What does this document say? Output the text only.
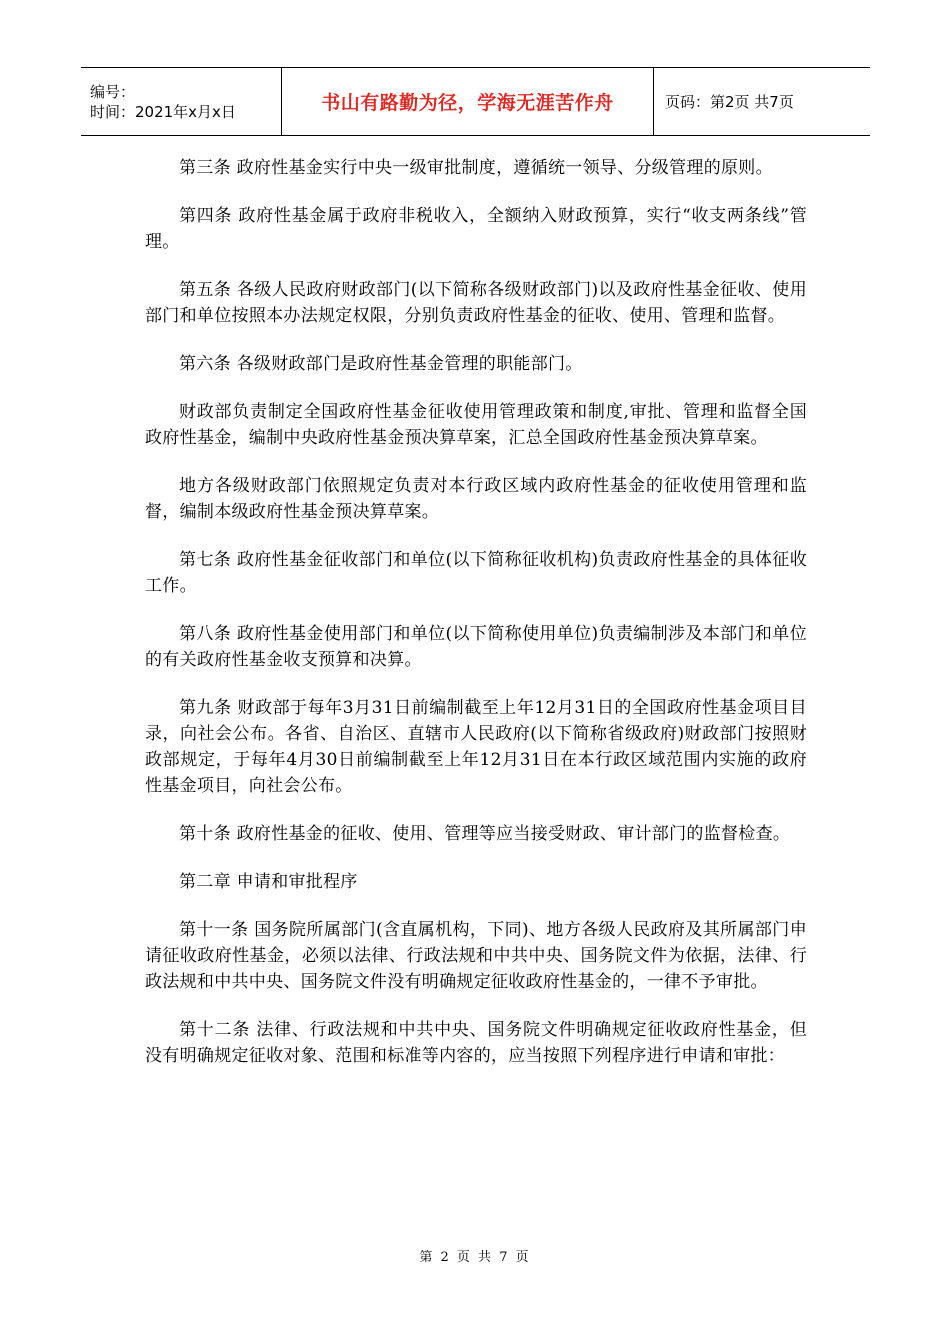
编号：
时间：2021年x月x日	书山有路勤为径，学海无涯苦作舟	页码：第2页 共7页

第三条 政府性基金实行中央一级审批制度，遵循统一领导、分级管理的原则。

第四条 政府性基金属于政府非税收入，全额纳入财政预算，实行“收支两条线”管理。

第五条 各级人民政府财政部门(以下简称各级财政部门)以及政府性基金征收、使用部门和单位按照本办法规定权限，分别负责政府性基金的征收、使用、管理和监督。

第六条 各级财政部门是政府性基金管理的职能部门。

财政部负责制定全国政府性基金征收使用管理政策和制度,审批、管理和监督全国政府性基金，编制中央政府性基金预决算草案，汇总全国政府性基金预决算草案。

地方各级财政部门依照规定负责对本行政区域内政府性基金的征收使用管理和监督，编制本级政府性基金预决算草案。

第七条 政府性基金征收部门和单位(以下简称征收机构)负责政府性基金的具体征收工作。

第八条 政府性基金使用部门和单位(以下简称使用单位)负责编制涉及本部门和单位的有关政府性基金收支预算和决算。

第九条 财政部于每年3月31日前编制截至上年12月31日的全国政府性基金项目目录，向社会公布。各省、自治区、直辖市人民政府(以下简称省级政府)财政部门按照财政部规定，于每年4月30日前编制截至上年12月31日在本行政区域范围内实施的政府性基金项目，向社会公布。

第十条 政府性基金的征收、使用、管理等应当接受财政、审计部门的监督检查。

第二章 申请和审批程序

第十一条 国务院所属部门(含直属机构，下同)、地方各级人民政府及其所属部门申请征收政府性基金，必须以法律、行政法规和中共中央、国务院文件为依据，法律、行政法规和中共中央、国务院文件没有明确规定征收政府性基金的，一律不予审批。

第十二条 法律、行政法规和中共中央、国务院文件明确规定征收政府性基金，但没有明确规定征收对象、范围和标准等内容的，应当按照下列程序进行申请和审批：

第 2 页 共 7 页
